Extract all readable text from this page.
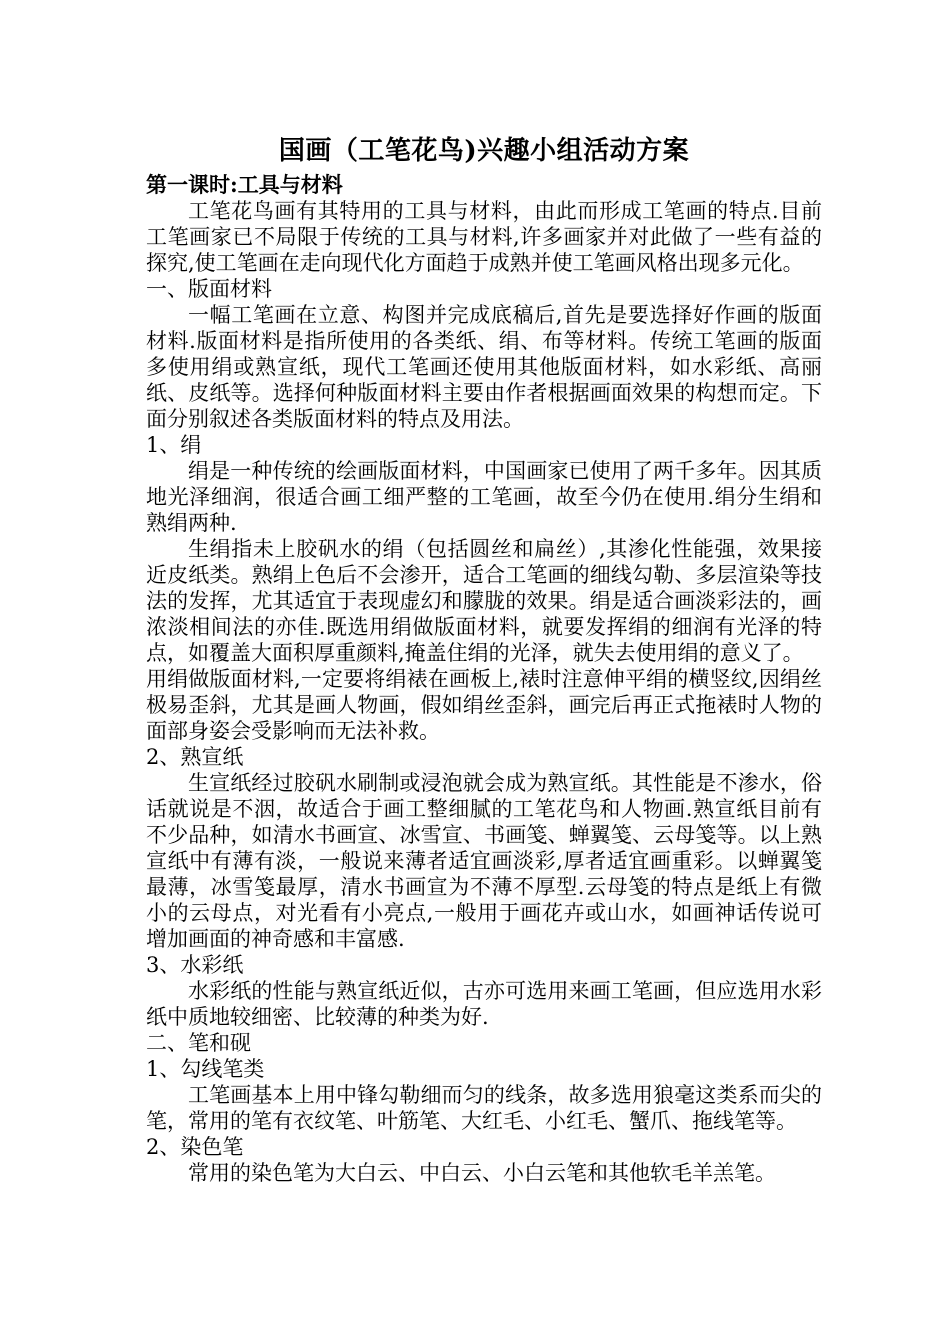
国画（工笔花鸟)兴趣小组活动方案

第一课时:工具与材料

工笔花鸟画有其特用的工具与材料，由此而形成工笔画的特点.目前工笔画家已不局限于传统的工具与材料,许多画家并对此做了一些有益的探究,使工笔画在走向现代化方面趋于成熟并使工笔画风格出现多元化。

一、版面材料

一幅工笔画在立意、构图并完成底稿后,首先是要选择好作画的版面材料.版面材料是指所使用的各类纸、绢、布等材料。传统工笔画的版面多使用绢或熟宣纸，现代工笔画还使用其他版面材料，如水彩纸、高丽纸、皮纸等。选择何种版面材料主要由作者根据画面效果的构想而定。下面分别叙述各类版面材料的特点及用法。

1、绢

绢是一种传统的绘画版面材料，中国画家已使用了两千多年。因其质地光泽细润，很适合画工细严整的工笔画，故至今仍在使用.绢分生绢和熟绢两种.

生绢指未上胶矾水的绢（包括圆丝和扁丝）,其渗化性能强，效果接近皮纸类。熟绢上色后不会渗开，适合工笔画的细线勾勒、多层渲染等技法的发挥，尤其适宜于表现虚幻和朦胧的效果。绢是适合画淡彩法的，画浓淡相间法的亦佳.既选用绢做版面材料，就要发挥绢的细润有光泽的特点，如覆盖大面积厚重颜料,掩盖住绢的光泽，就失去使用绢的意义了。

用绢做版面材料,一定要将绢裱在画板上,裱时注意伸平绢的横竖纹,因绢丝极易歪斜，尤其是画人物画，假如绢丝歪斜，画完后再正式拖裱时人物的面部身姿会受影响而无法补救。

2、熟宣纸

生宣纸经过胶矾水刷制或浸泡就会成为熟宣纸。其性能是不渗水，俗话就说是不洇，故适合于画工整细腻的工笔花鸟和人物画.熟宣纸目前有不少品种，如清水书画宣、冰雪宣、书画笺、蝉翼笺、云母笺等。以上熟宣纸中有薄有淡，一般说来薄者适宜画淡彩,厚者适宜画重彩。以蝉翼笺最薄，冰雪笺最厚，清水书画宣为不薄不厚型.云母笺的特点是纸上有微小的云母点，对光看有小亮点,一般用于画花卉或山水，如画神话传说可增加画面的神奇感和丰富感.

3、水彩纸

水彩纸的性能与熟宣纸近似，古亦可选用来画工笔画，但应选用水彩纸中质地较细密、比较薄的种类为好.

二、笔和砚

1、勾线笔类

工笔画基本上用中锋勾勒细而匀的线条，故多选用狼毫这类系而尖的笔，常用的笔有衣纹笔、叶筋笔、大红毛、小红毛、蟹爪、拖线笔等。

2、染色笔

常用的染色笔为大白云、中白云、小白云笔和其他软毛羊羔笔。
